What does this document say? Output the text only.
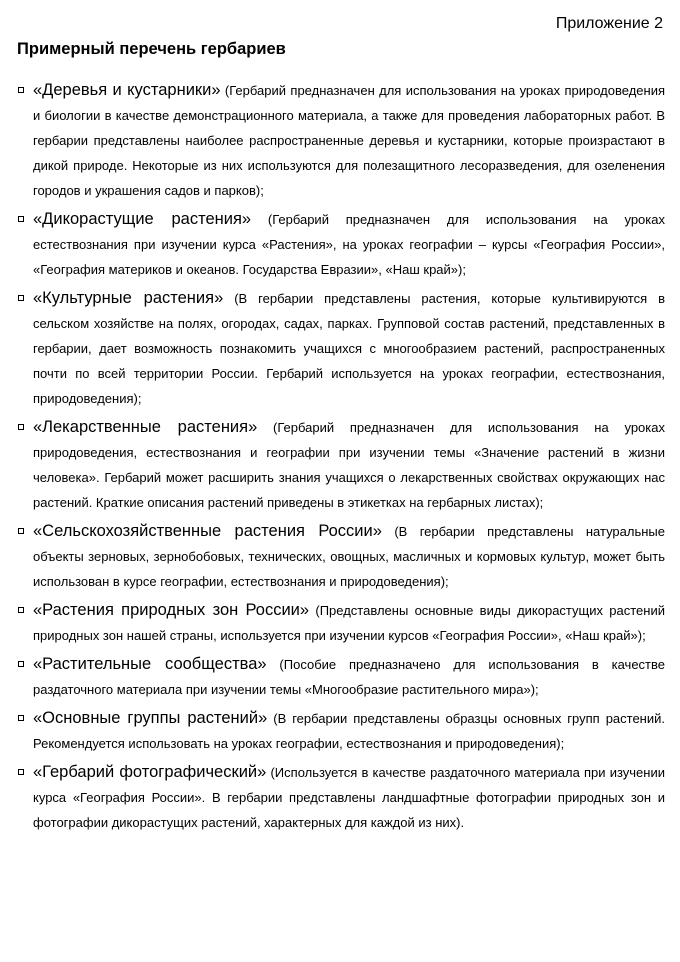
Приложение 2
Примерный перечень гербариев

«Деревья и кустарники» (Гербарий предназначен для использования на уроках природоведения и биологии в качестве демонстрационного материала, а также для проведения лабораторных работ. В гербарии представлены наиболее распространенные деревья и кустарники, которые произрастают в дикой природе. Некоторые из них используются для полезащитного лесоразведения, для озеленения городов и украшения садов и парков);

«Дикорастущие растения» (Гербарий предназначен для использования на уроках естествознания при изучении курса «Растения», на уроках географии – курсы «География России», «География материков и океанов. Государства Евразии», «Наш край»);

«Культурные растения» (В гербарии представлены растения, которые культивируются в сельском хозяйстве на полях, огородах, садах, парках. Групповой состав растений, представленных в гербарии, дает возможность познакомить учащихся с многообразием растений, распространенных почти по всей территории России. Гербарий используется на уроках географии, естествознания, природоведения);

«Лекарственные растения» (Гербарий предназначен для использования на уроках природоведения, естествознания и географии при изучении темы «Значение растений в жизни человека». Гербарий может расширить знания учащихся о лекарственных свойствах окружающих нас растений. Краткие описания растений приведены в этикетках на гербарных листах);

«Сельскохозяйственные растения России» (В гербарии представлены натуральные объекты зерновых, зернобобовых, технических, овощных, масличных и кормовых культур, может быть использован в курсе географии, естествознания и природоведения);

«Растения природных зон России» (Представлены основные виды дикорастущих растений природных зон нашей страны, используется при изучении курсов «География России», «Наш край»);

«Растительные сообщества» (Пособие предназначено для использования в качестве раздаточного материала при изучении темы «Многообразие растительного мира»);

«Основные группы растений» (В гербарии представлены образцы основных групп растений. Рекомендуется использовать на уроках географии, естествознания и природоведения);

«Гербарий фотографический» (Используется в качестве раздаточного материала при изучении курса «География России». В гербарии представлены ландшафтные фотографии природных зон и фотографии дикорастущих растений, характерных для каждой из них).
